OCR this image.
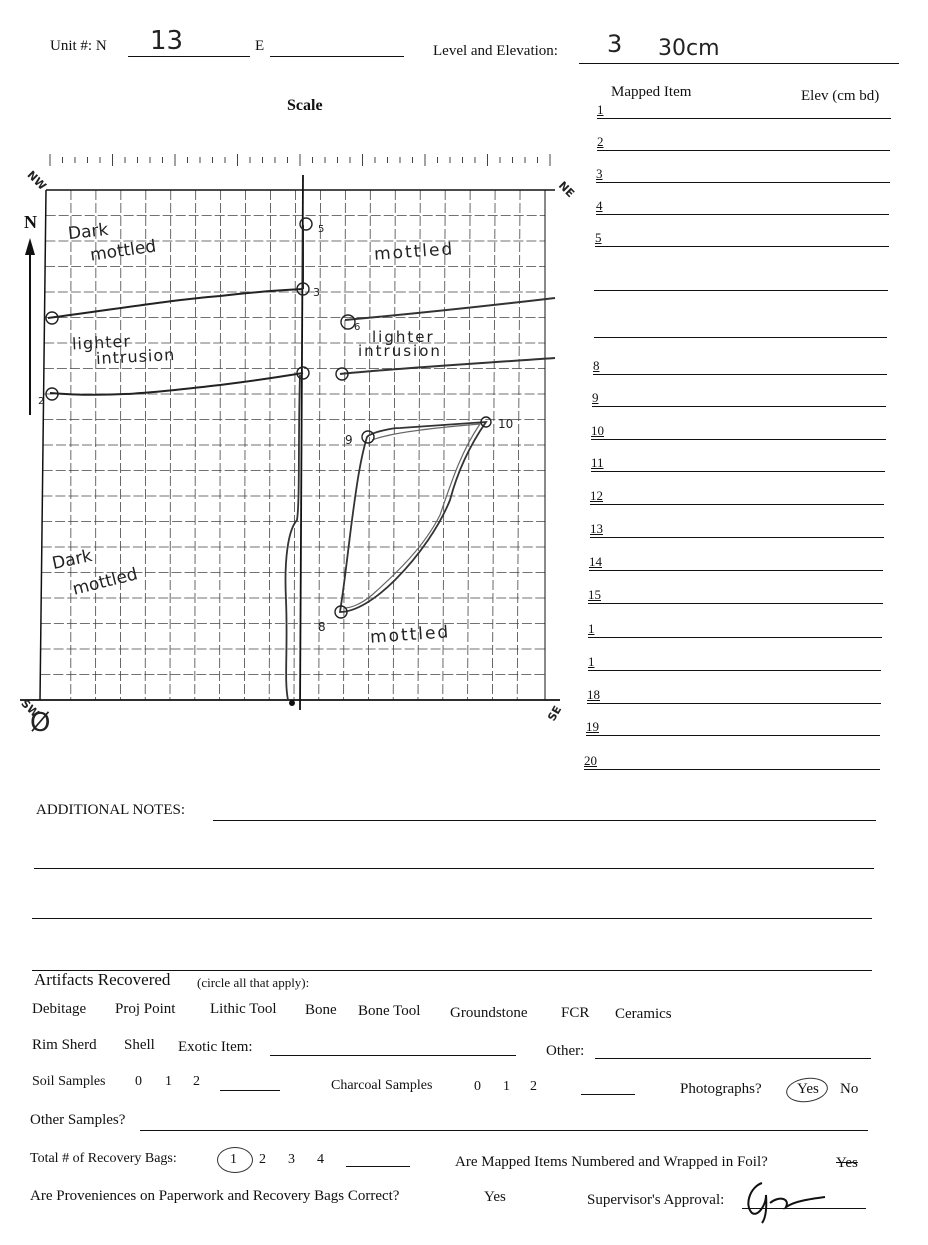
Unit #: N 13	E	Level and Elevation: 3 30cm
Scale
NW	NE
SW	SE
Ø
N Dark
mottled	mottled
lighter
intrusion
lighter
intrusion
Dark
mottled
mottled
5
3
2
6
9
10
8
Mapped Item	Elev (cm bd)
1
2
3
4
5
8
9
10
11
12
13
14
15
1
1
18
19
20
ADDITIONAL NOTES:
Artifacts Recovered (circle all that apply):
Debitage Proj Point Lithic Tool Bone Bone Tool Groundstone FCR Ceramics
Rim Sherd Shell Exotic Item:	Other:
Soil Samples 0 1 2	Charcoal Samples	0 1 2	Photographs? Yes No
Other Samples?
Total # of Recovery Bags:	1 2 3 4	Are Mapped Items Numbered and Wrapped in Foil?	Yes
Are Proveniences on Paperwork and Recovery Bags Correct?	Yes	Supervisor's Approval:
